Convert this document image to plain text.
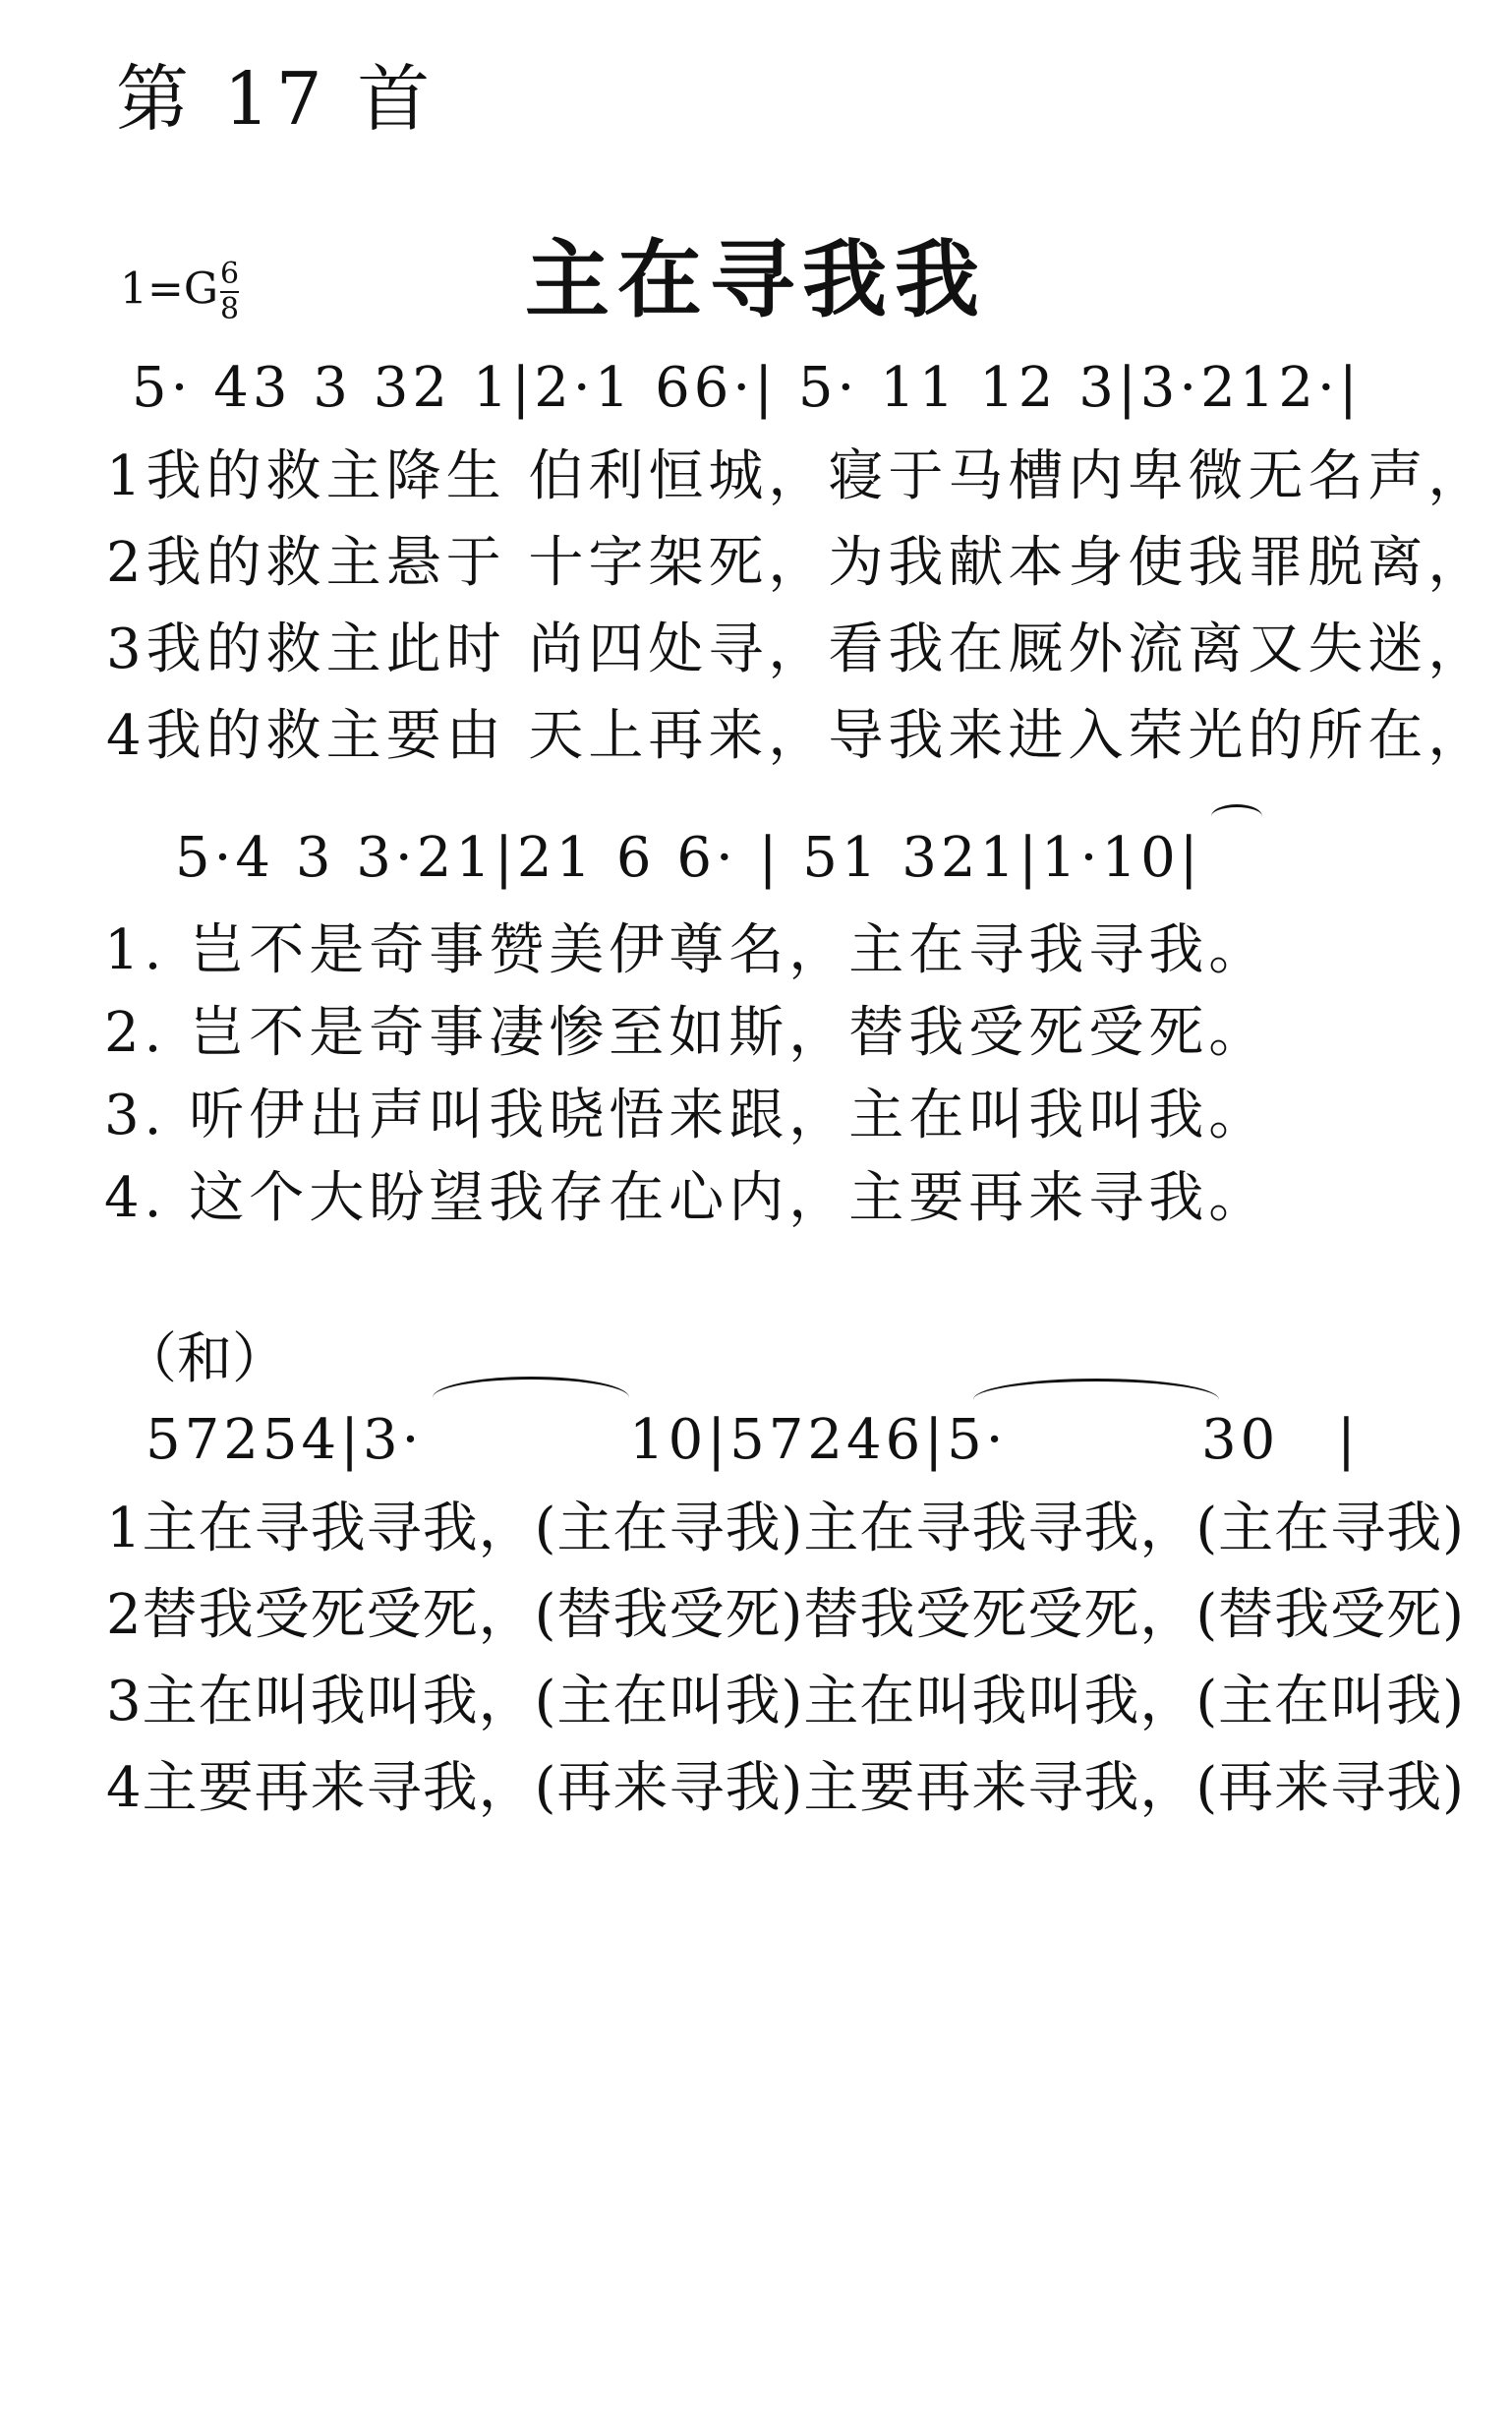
第 17 首
主在寻我我
$1=G \frac{6}{8}$
5· 43 3 32 1|2·1 66·| 5· 11 12 3|3·212·|
1我的救主降生 伯利恒城，寝于马槽内卑微无名声，
2我的救主悬于 十字架死，为我献本身使我罪脱离，
3我的救主此时 尚四处寻，看我在厩外流离又失迷，
4我的救主要由 天上再来，导我来进入荣光的所在，
5·4 3 3·21|21 6 6· | 51 321|1·10|
1. 岂不是奇事赞美伊尊名，主在寻我寻我。
2. 岂不是奇事凄惨至如斯，替我受死受死。
3. 听伊出声叫我晓悟来跟，主在叫我叫我。
4. 这个大盼望我存在心内，主要再来寻我。
（和）
57254|3·	10|57246|5·	30 |
1主在寻我寻我，(主在寻我)主在寻我寻我，(主在寻我)
2替我受死受死，(替我受死)替我受死受死，(替我受死)
3主在叫我叫我，(主在叫我)主在叫我叫我，(主在叫我)
4主要再来寻我，(再来寻我)主要再来寻我，(再来寻我)
